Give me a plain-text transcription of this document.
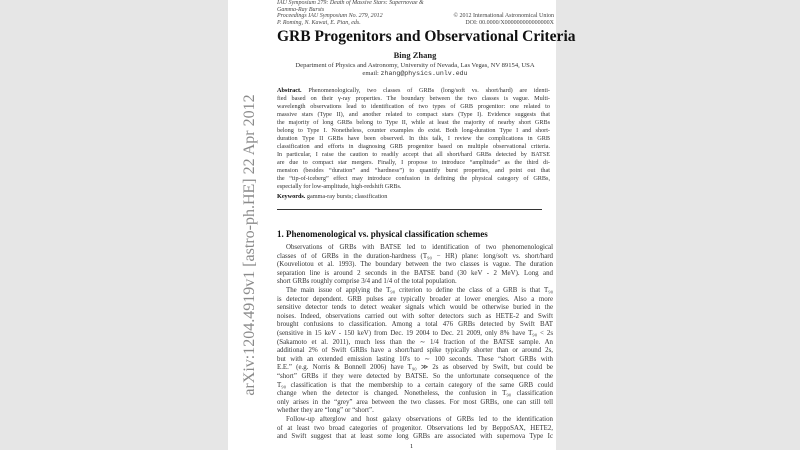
arXiv:1204.4919v1 [astro-ph.HE] 22 Apr 2012
IAU Symposium 279: Death of Massive Stars: Supernovae &
Gamma-Ray Bursts
Proceedings IAU Symposium No. 279, 2012
P. Roming, N. Kawai, E. Pian, eds.
© 2012 International Astronomical Union
DOI: 00.0000/X000000000000000X
GRB Progenitors and Observational Criteria
Bing Zhang
Department of Physics and Astronomy, University of Nevada, Las Vegas, NV 89154, USA
email: zhang@physics.unlv.edu
Abstract. Phenomenologically, two classes of GRBs (long/soft vs. short/hard) are identi-
fied based on their γ-ray properties. The boundary between the two classes is vague. Multi-
wavelength observations lead to identification of two types of GRB progenitor: one related to
massive stars (Type II), and another related to compact stars (Type I). Evidence suggests that
the majority of long GRBs belong to Type II, while at least the majority of nearby short GRBs
belong to Type I. Nonetheless, counter examples do exist. Both long-duration Type I and short-
duration Type II GRBs have been observed. In this talk, I review the complications in GRB
classification and efforts in diagnosing GRB progenitor based on multiple observational criteria.
In particular, I raise the caution to readily accept that all short/hard GRBs detected by BATSE
are due to compact star mergers. Finally, I propose to introduce “amplitude” as the third di-
mension (besides “duration” and “hardness”) to quantify burst properties, and point out that
the “tip-of-iceberg” effect may introduce confusion in defining the physical category of GRBs,
especially for low-amplitude, high-redshift GRBs.
Keywords. gamma-ray bursts; classification
1. Phenomenological vs. physical classification schemes
Observations of GRBs with BATSE led to identification of two phenomenological
classes of of GRBs in the duration-hardness (T₉₀ − HR) plane: long/soft vs. short/hard
(Kouveliotou et al. 1993). The boundary between the two classes is vague. The duration
separation line is around 2 seconds in the BATSE band (30 keV - 2 MeV). Long and
short GRBs roughly comprise 3/4 and 1/4 of the total population.
The main issue of applying the T₉₀ criterion to define the class of a GRB is that T₉₀
is detector dependent. GRB pulses are typically broader at lower energies. Also a more
sensitive detector tends to detect weaker signals which would be otherwise buried in the
noises. Indeed, observations carried out with softer detectors such as HETE-2 and Swift
brought confusions to classification. Among a total 476 GRBs detected by Swift BAT
(sensitive in 15 keV - 150 keV) from Dec. 19 2004 to Dec. 21 2009, only 8% have T₉₀ < 2s
(Sakamoto et al. 2011), much less than the ∼ 1/4 fraction of the BATSE sample. An
additional 2% of Swift GRBs have a short/hard spike typically shorter than or around 2s,
but with an extended emission lasting 10's to ∼ 100 seconds. These “short GRBs with
E.E.” (e.g. Norris & Bonnell 2006) have T₉₀ ≫ 2s as observed by Swift, but could be
“short” GRBs if they were detected by BATSE. So the unfortunate consequence of the
T₉₀ classification is that the membership to a certain category of the same GRB could
change when the detector is changed. Nonetheless, the confusion in T₉₀ classification
only arises in the “grey” area between the two classes. For most GRBs, one can still tell
whether they are “long” or “short”.
Follow-up afterglow and host galaxy observations of GRBs led to the identification
of at least two broad categories of progenitor. Observations led by BeppoSAX, HETE2,
and Swift suggest that at least some long GRBs are associated with supernova Type Ic
1
